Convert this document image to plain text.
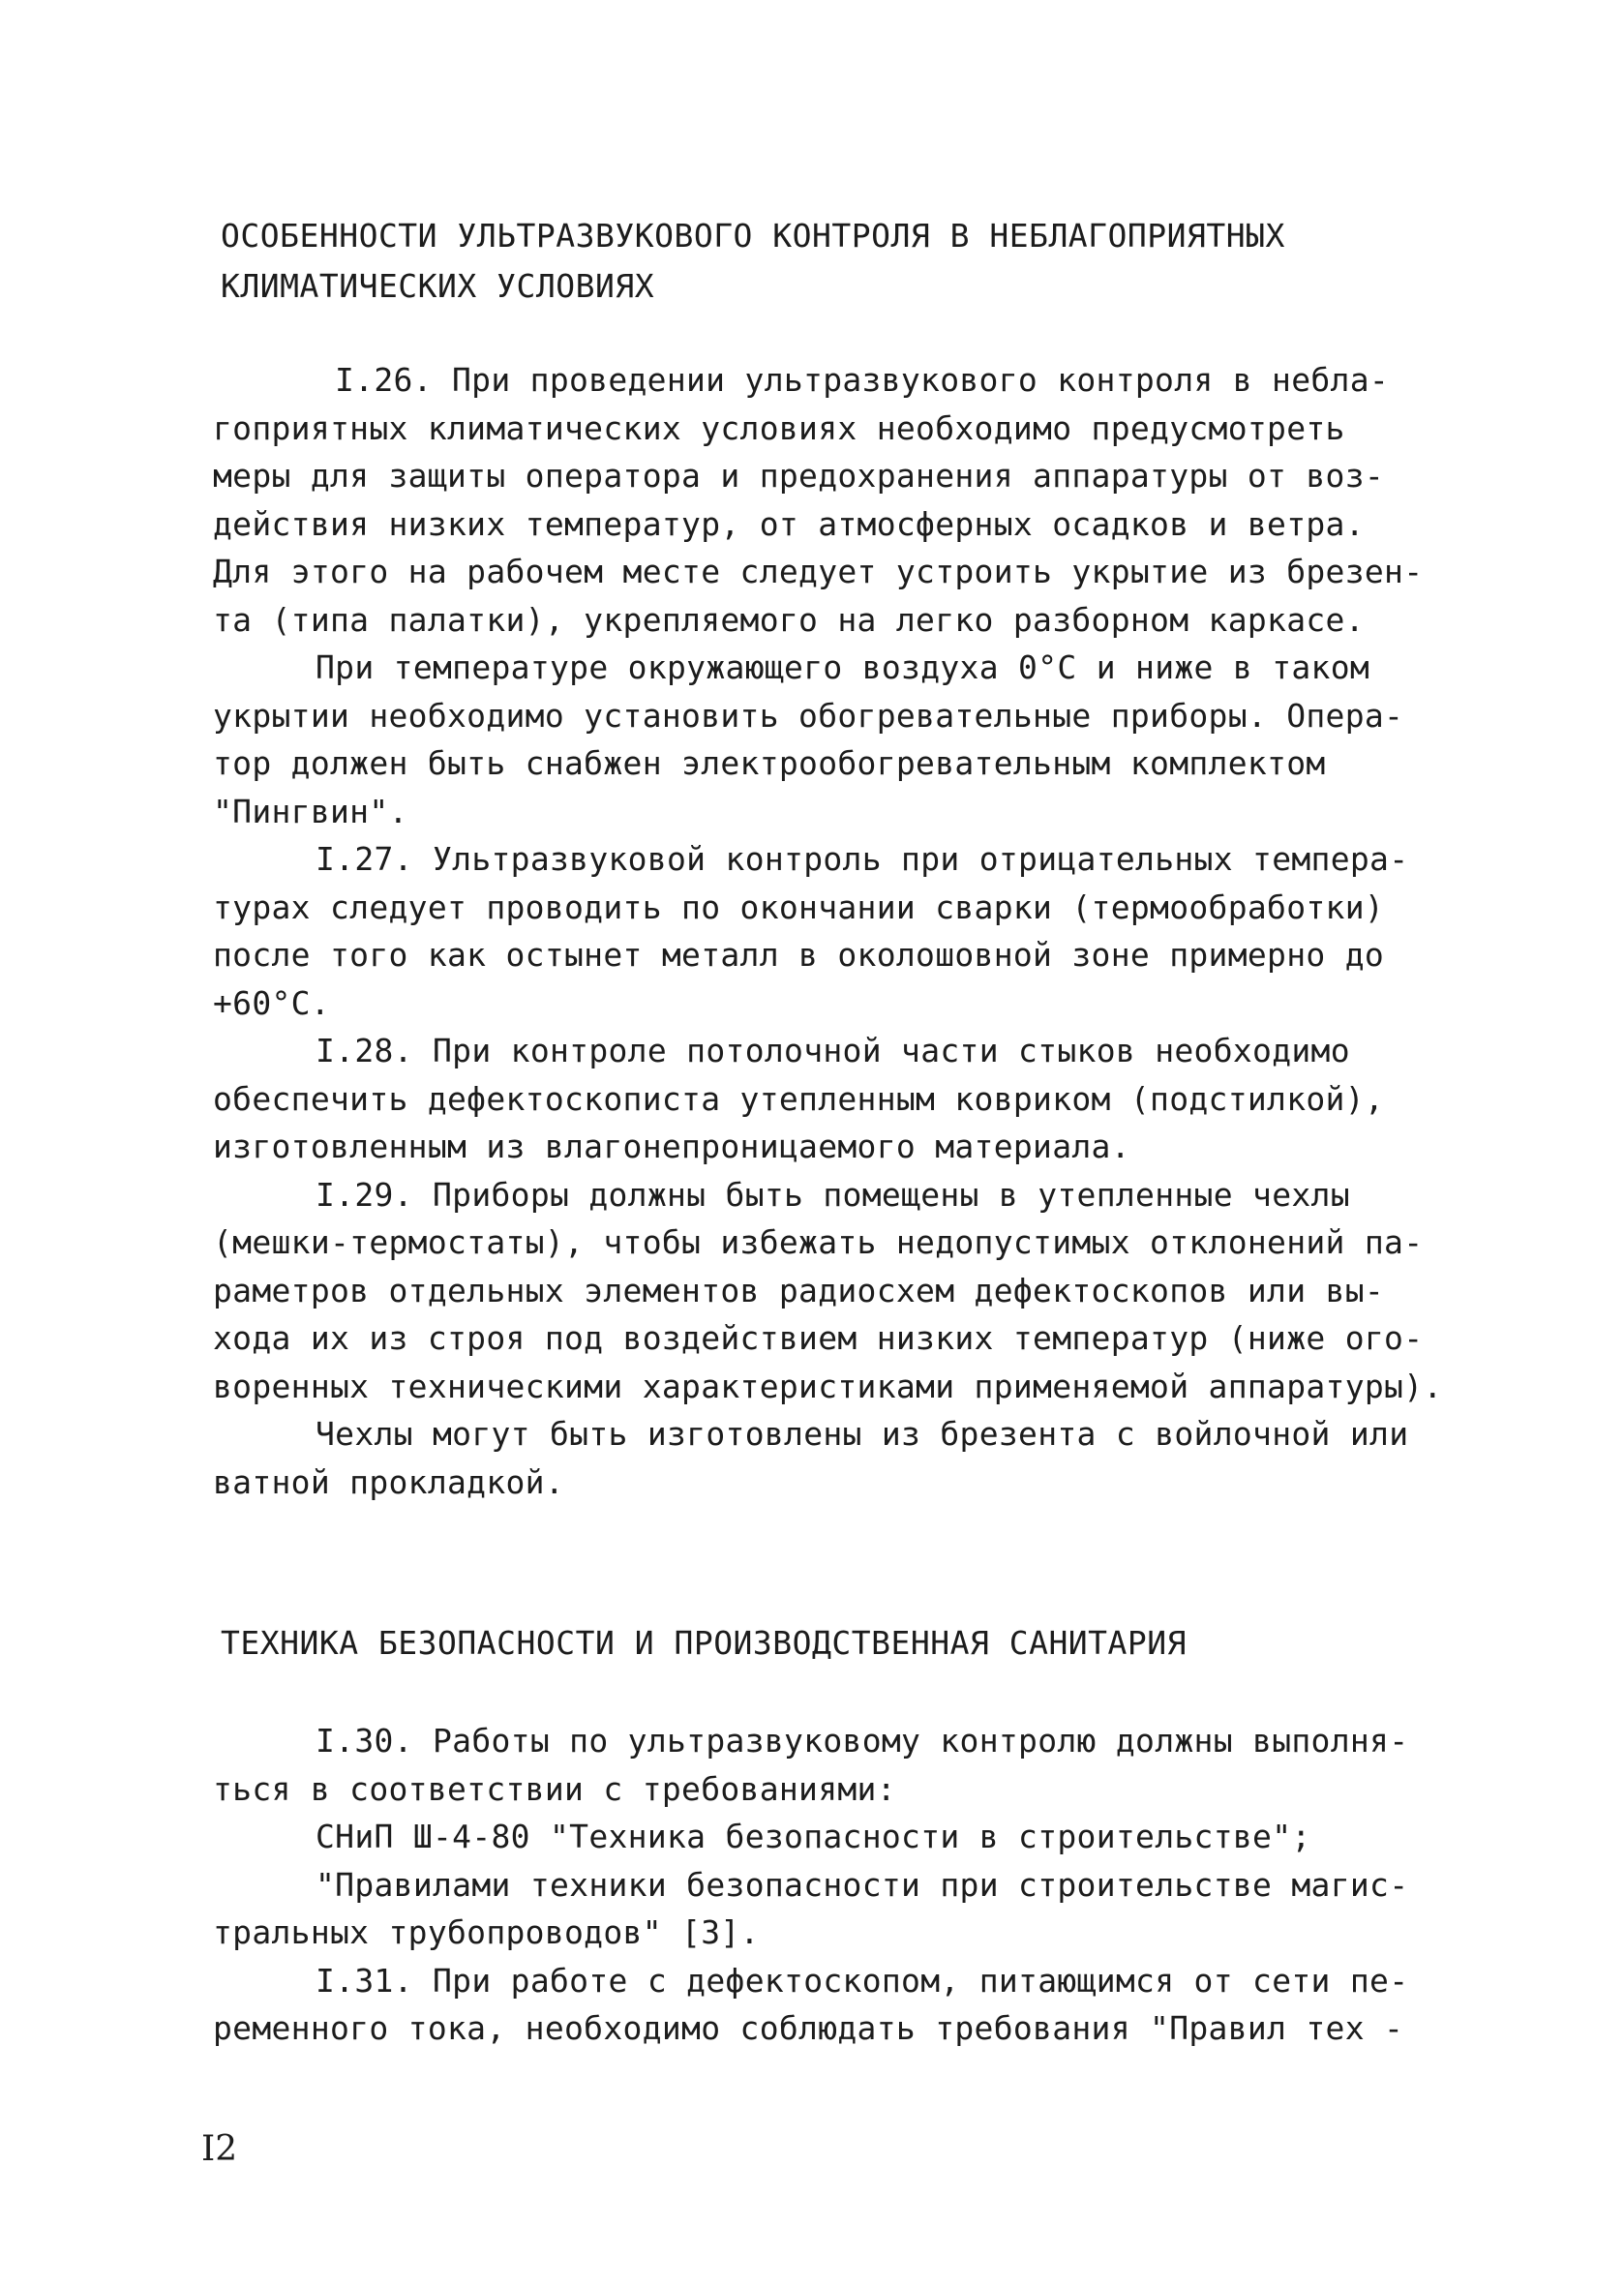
ОСОБЕННОСТИ УЛЬТРАЗВУКОВОГО КОНТРОЛЯ В НЕБЛАГОПРИЯТНЫХ
КЛИМАТИЧЕСКИХ УСЛОВИЯХ
I.26. При проведении ультразвукового контроля в небла-
гоприятных климатических условиях необходимо предусмотреть
меры для защиты оператора и предохранения аппаратуры от воз-
действия низких температур, от атмосферных осадков и ветра.
Для этого на рабочем месте следует устроить укрытие из брезен-
та (типа палатки), укрепляемого на легко разборном каркасе.
При температуре окружающего воздуха 0°С и ниже в таком
укрытии необходимо установить обогревательные приборы. Опера-
тор должен быть снабжен электрообогревательным комплектом
"Пингвин".
I.27. Ультразвуковой контроль при отрицательных темпера-
турах следует проводить по окончании сварки (термообработки)
после того как остынет металл в околошовной зоне примерно до
+60°С.
I.28. При контроле потолочной части стыков необходимо
обеспечить дефектоскописта утепленным ковриком (подстилкой),
изготовленным из влагонепроницаемого материала.
I.29. Приборы должны быть помещены в утепленные чехлы
(мешки-термостаты), чтобы избежать недопустимых отклонений па-
раметров отдельных элементов радиосхем дефектоскопов или вы-
хода их из строя под воздействием низких температур (ниже ого-
воренных техническими характеристиками применяемой аппаратуры).
Чехлы могут быть изготовлены из брезента с войлочной или
ватной прокладкой.
ТЕХНИКА БЕЗОПАСНОСТИ И ПРОИЗВОДСТВЕННАЯ САНИТАРИЯ
I.30. Работы по ультразвуковому контролю должны выполня-
ться в соответствии с требованиями:
СНиП Ш-4-80 "Техника безопасности в строительстве";
"Правилами техники безопасности при строительстве магис-
тральных трубопроводов" [3].
I.31. При работе с дефектоскопом, питающимся от сети пе-
ременного тока, необходимо соблюдать требования "Правил тех -
I2
